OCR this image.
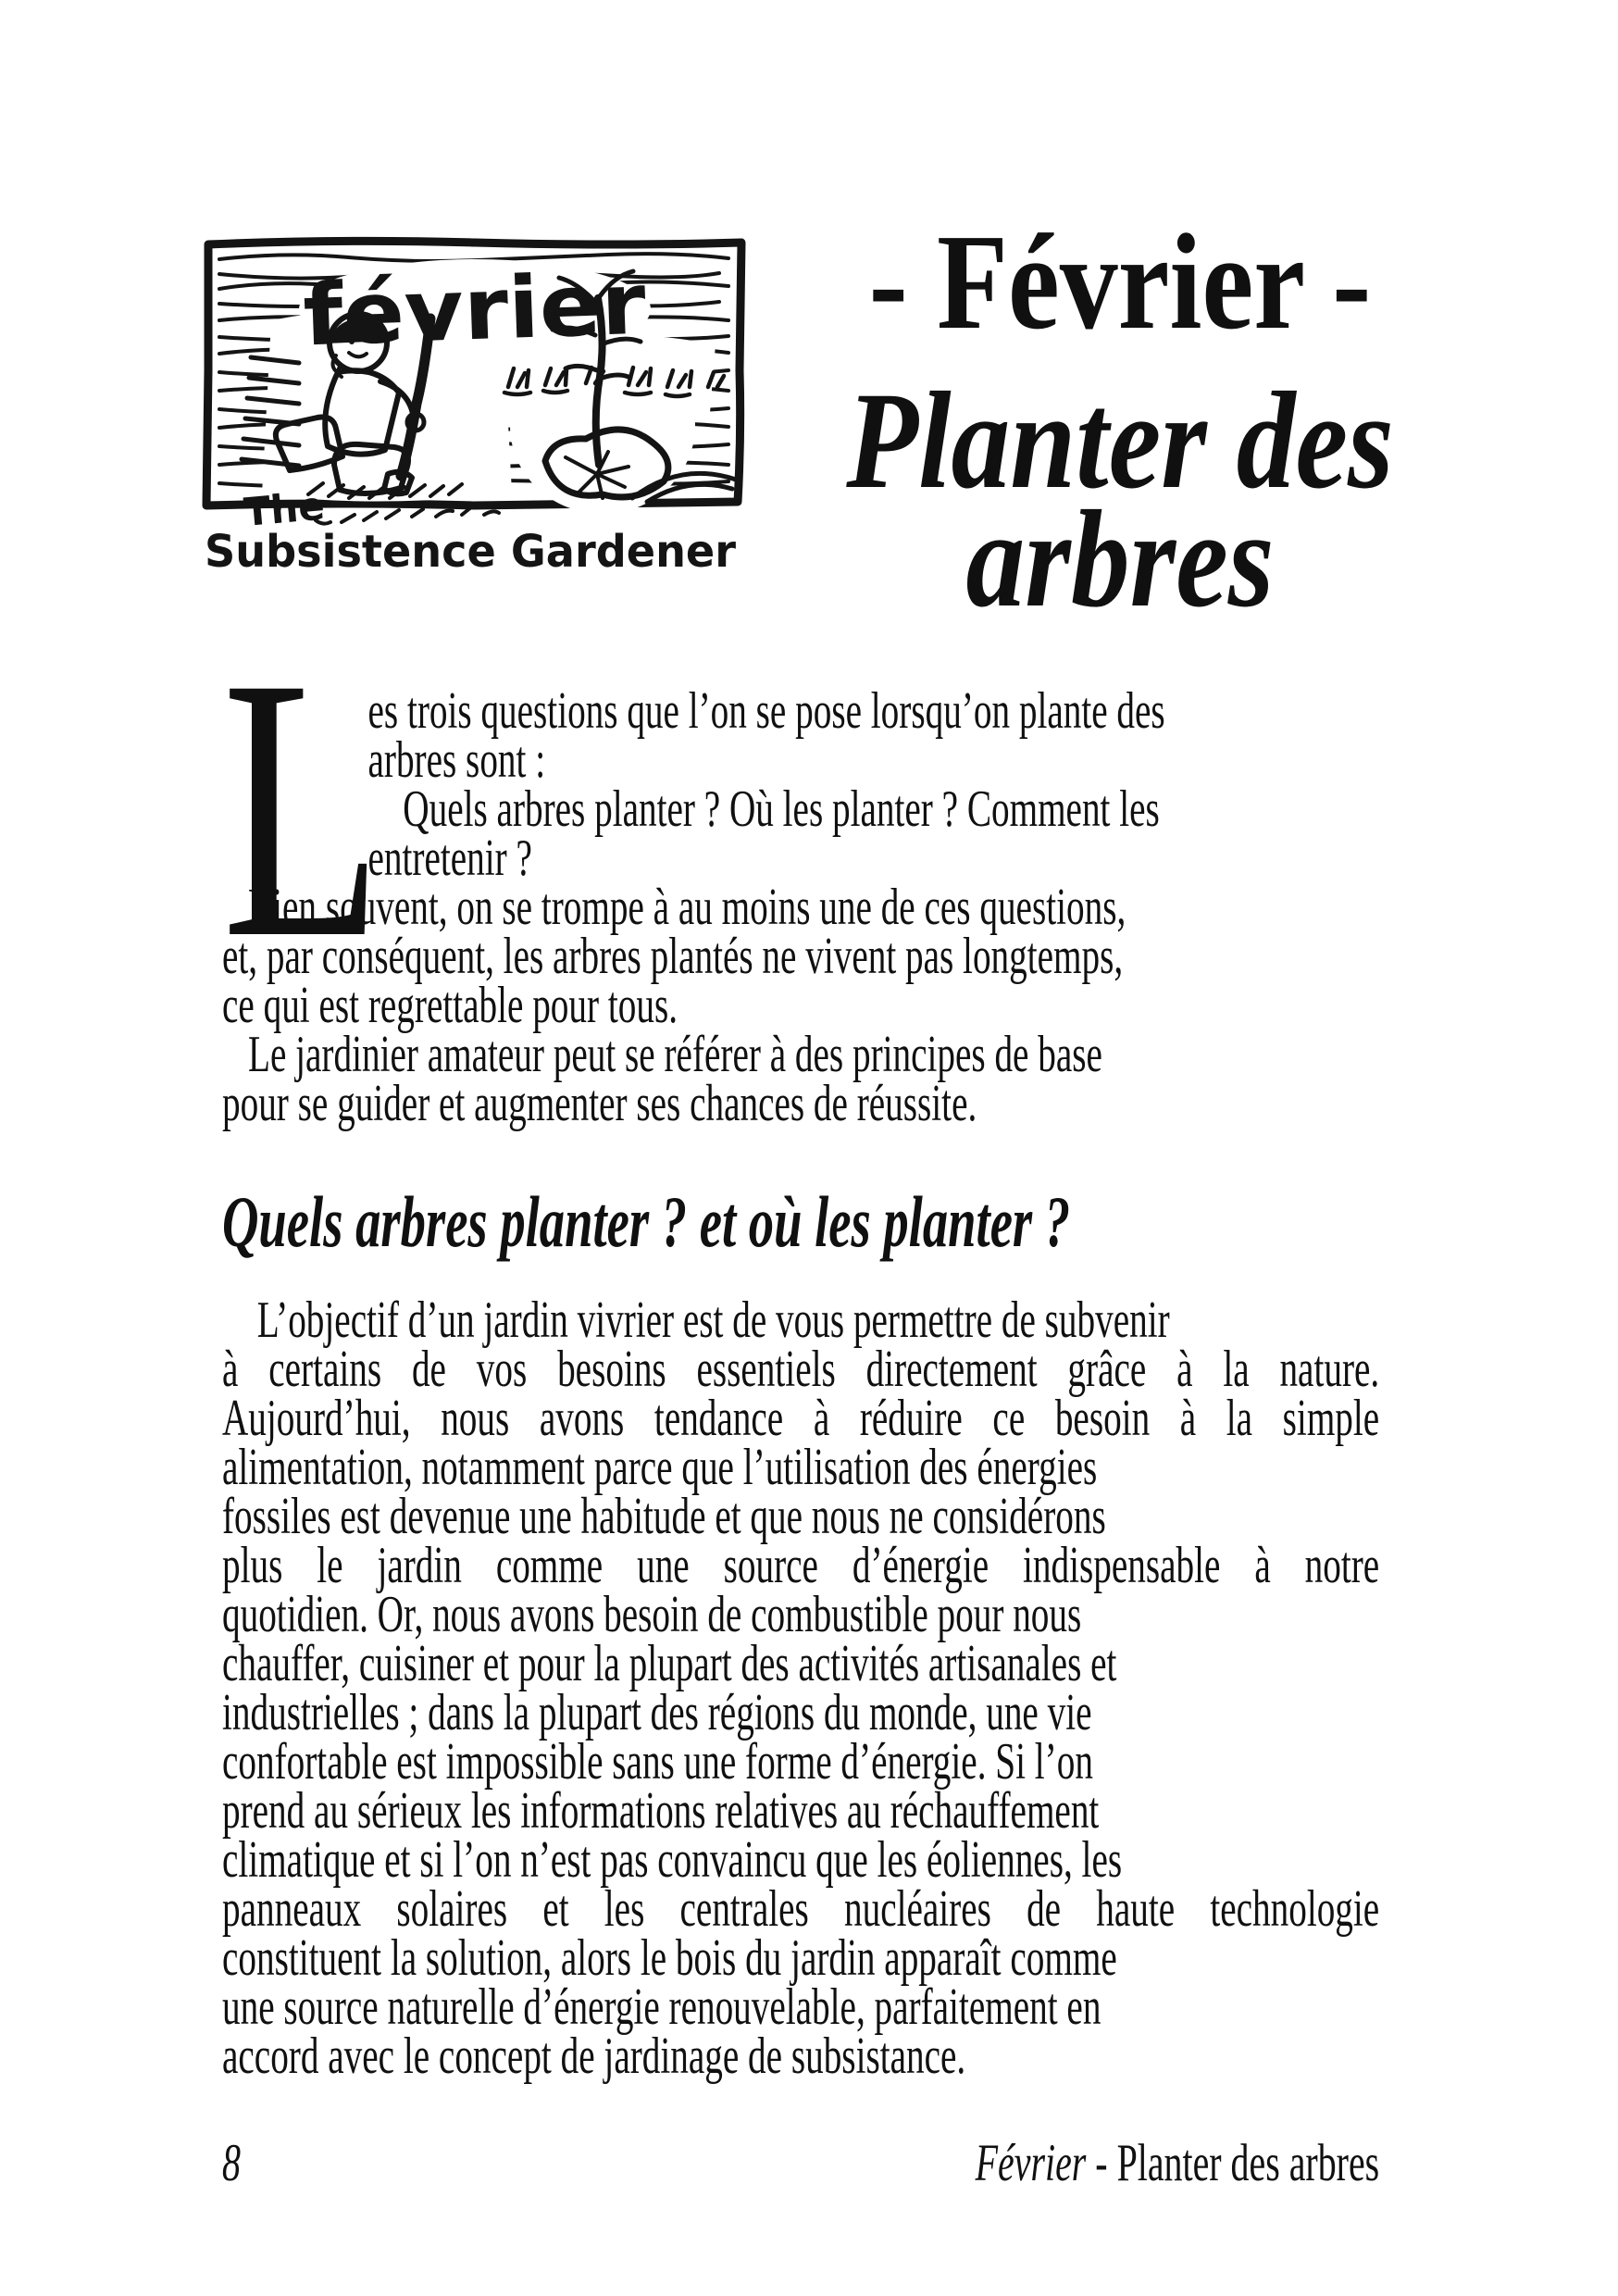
février
The
Subsistence Gardener
- Février -
Planter des
arbres
L
es trois questions que l’on se pose lorsqu’on plante des
arbres sont :
Quels arbres planter ? Où les planter ? Comment les
entretenir ?
Bien souvent, on se trompe à au moins une de ces questions,
et, par conséquent, les arbres plantés ne vivent pas longtemps,
ce qui est regrettable pour tous.
Le jardinier amateur peut se référer à des principes de base
pour se guider et augmenter ses chances de réussite.
Quels arbres planter ? et où les planter ?
L’objectif d’un jardin vivrier est de vous permettre de subvenir
à certains de vos besoins essentiels directement grâce à la nature.
Aujourd’hui, nous avons tendance à réduire ce besoin à la simple
alimentation, notamment parce que l’utilisation des énergies
fossiles est devenue une habitude et que nous ne considérons
plus le jardin comme une source d’énergie indispensable à notre
quotidien. Or, nous avons besoin de combustible pour nous
chauffer, cuisiner et pour la plupart des activités artisanales et
industrielles ; dans la plupart des régions du monde, une vie
confortable est impossible sans une forme d’énergie. Si l’on
prend au sérieux les informations relatives au réchauffement
climatique et si l’on n’est pas convaincu que les éoliennes, les
panneaux solaires et les centrales nucléaires de haute technologie
constituent la solution, alors le bois du jardin apparaît comme
une source naturelle d’énergie renouvelable, parfaitement en
accord avec le concept de jardinage de subsistance.
8	Février - Planter des arbres
